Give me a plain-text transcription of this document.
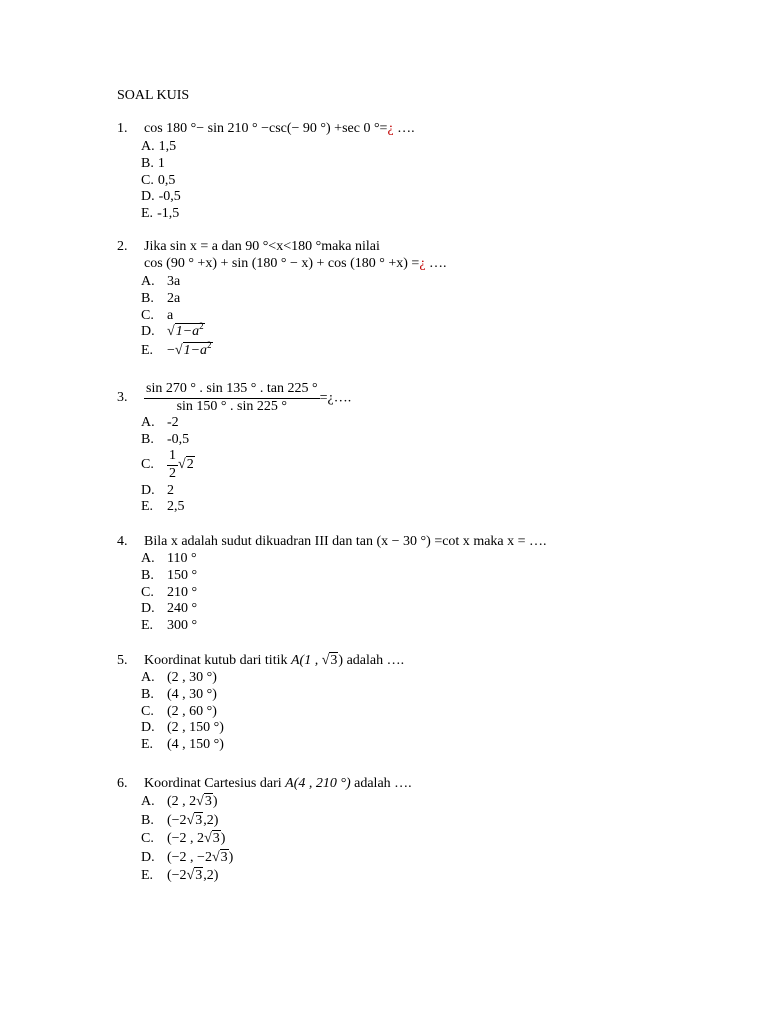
SOAL KUIS
1. cos 180 °− sin 210 ° −csc(− 90 °) +sec 0 °=¿ ….
A. 1,5
B. 1
C. 0,5
D. -0,5
E. -1,5
2. Jika sin x = a dan 90 °<x<180 °maka nilai
cos (90 ° +x) + sin (180 ° − x) + cos (180 ° +x) =¿ ….
A. 3a
B. 2a
C. a
D. $√1-a^2$
E. $-√1-a^2$
3. $\frac{\sin 270 ^\circ . \sin 135 ^\circ . \tan 225 ^\circ}{\sin 150 ^\circ . \sin 225 ^\circ}$ =¿….
A. -2
B. -0,5
C. $\frac{1}{2} √2$
D. 2
E. 2,5
4. Bila x adalah sudut dikuadran III dan tan (x − 30 °) =cot x maka x = ….
A. 110 °
B. 150 °
C. 210 °
D. 240 °
E. 300 °
5. Koordinat kutub dari titik A(1 , √3) adalah ….
A. (2 , 30 °)
B. (4 , 30 °)
C. (2 , 60 °)
D. (2 , 150 °)
E. (4 , 150 °)
6. Koordinat Cartesius dari A(4 , 210 °) adalah ….
A. (2 , 2√3)
B. (−2√3,2)
C. (−2 , 2√3)
D. (−2 , −2√3)
E. (−2√3,2)
